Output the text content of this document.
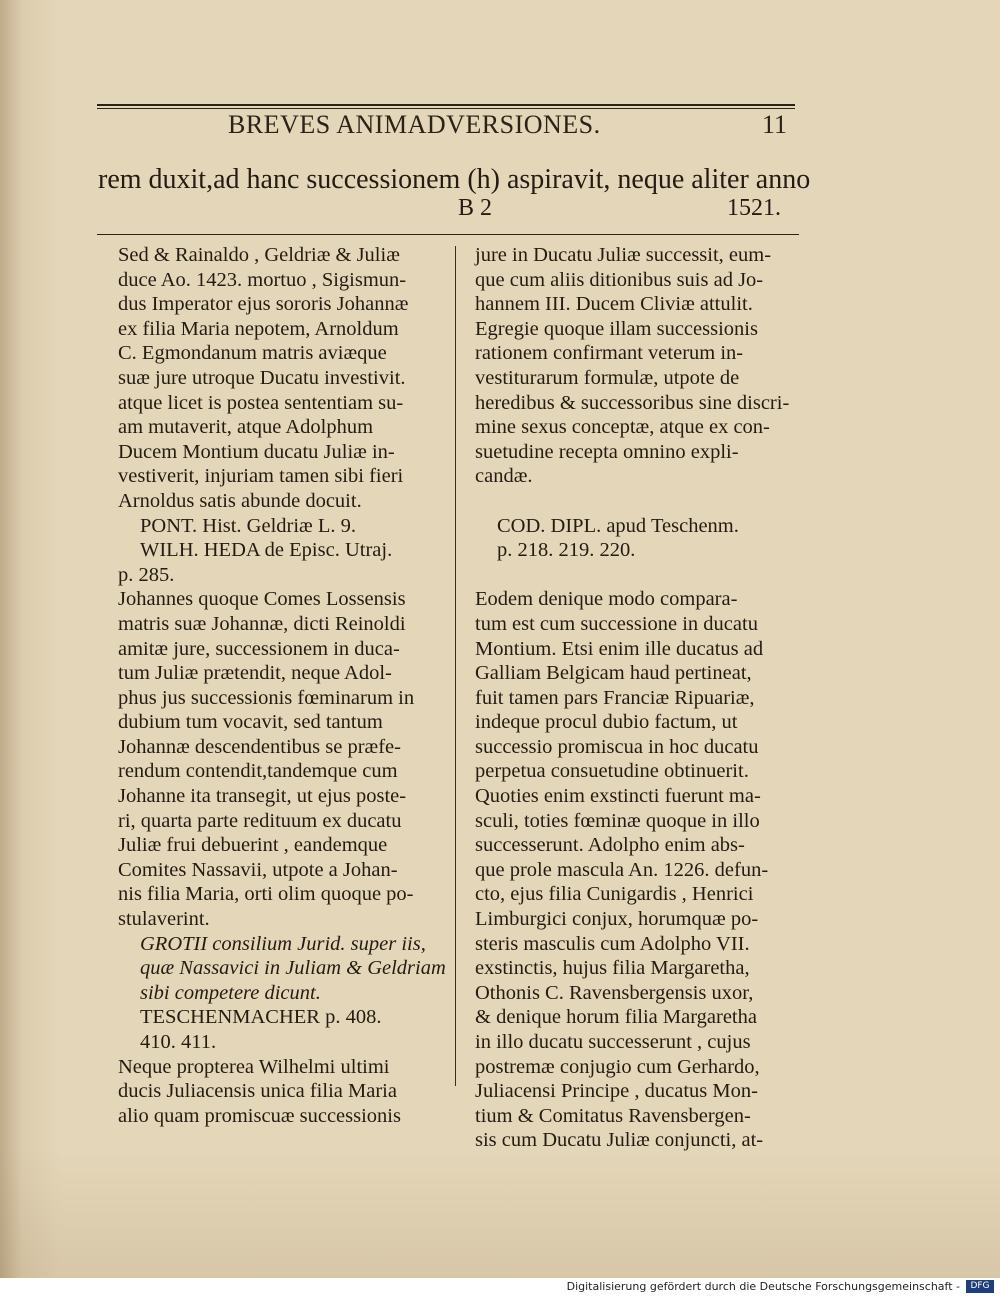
BREVES ANIMADVERSIONES.	11
rem duxit,ad hanc successionem (h) aspiravit, neque aliter anno
B 2	1521.
Sed & Rainaldo , Geldriæ & Juliæ
duce Ao. 1423. mortuo , Sigismun-
dus Imperator ejus sororis Johannæ
ex filia Maria nepotem, Arnoldum
C. Egmondanum matris aviæque
suæ jure utroque Ducatu investivit.
atque licet is postea sententiam su-
am mutaverit, atque Adolphum
Ducem Montium ducatu Juliæ in-
vestiverit, injuriam tamen sibi fieri
Arnoldus satis abunde docuit.
PONT. Hist. Geldriæ L. 9.
WILH. HEDA de Episc. Utraj.
p. 285.
Johannes quoque Comes Lossensis
matris suæ Johannæ, dicti Reinoldi
amitæ jure, successionem in duca-
tum Juliæ prætendit, neque Adol-
phus jus successionis fœminarum in
dubium tum vocavit, sed tantum
Johannæ descendentibus se præfe-
rendum contendit,tandemque cum
Johanne ita transegit, ut ejus poste-
ri, quarta parte redituum ex ducatu
Juliæ frui debuerint , eandemque
Comites Nassavii, utpote a Johan-
nis filia Maria, orti olim quoque po-
stulaverint.
GROTII consilium Jurid. super iis,
quæ Nassavici in Juliam & Geldriam
sibi competere dicunt.
TESCHENMACHER p. 408.
410. 411.
Neque propterea Wilhelmi ultimi
ducis Juliacensis unica filia Maria
alio quam promiscuæ successionis
jure in Ducatu Juliæ successit, eum-
que cum aliis ditionibus suis ad Jo-
hannem III. Ducem Cliviæ attulit.
Egregie quoque illam successionis
rationem confirmant veterum in-
vestiturarum formulæ, utpote de
heredibus & successoribus sine discri-
mine sexus conceptæ, atque ex con-
suetudine recepta omnino expli-
candæ.
COD. DIPL. apud Teschenm.
p. 218. 219. 220.
Eodem denique modo compara-
tum est cum successione in ducatu
Montium. Etsi enim ille ducatus ad
Galliam Belgicam haud pertineat,
fuit tamen pars Franciæ Ripuariæ,
indeque procul dubio factum, ut
successio promiscua in hoc ducatu
perpetua consuetudine obtinuerit.
Quoties enim exstincti fuerunt ma-
sculi, toties fœminæ quoque in illo
successerunt. Adolpho enim abs-
que prole mascula An. 1226. defun-
cto, ejus filia Cunigardis , Henrici
Limburgici conjux, horumquæ po-
steris masculis cum Adolpho VII.
exstinctis, hujus filia Margaretha,
Othonis C. Ravensbergensis uxor,
& denique horum filia Margaretha
in illo ducatu successerunt , cujus
postremæ conjugio cum Gerhardo,
Juliacensi Principe , ducatus Mon-
tium & Comitatus Ravensbergen-
sis cum Ducatu Juliæ conjuncti, at-
Digitalisierung gefördert durch die Deutsche Forschungsgemeinschaft -	DFG
